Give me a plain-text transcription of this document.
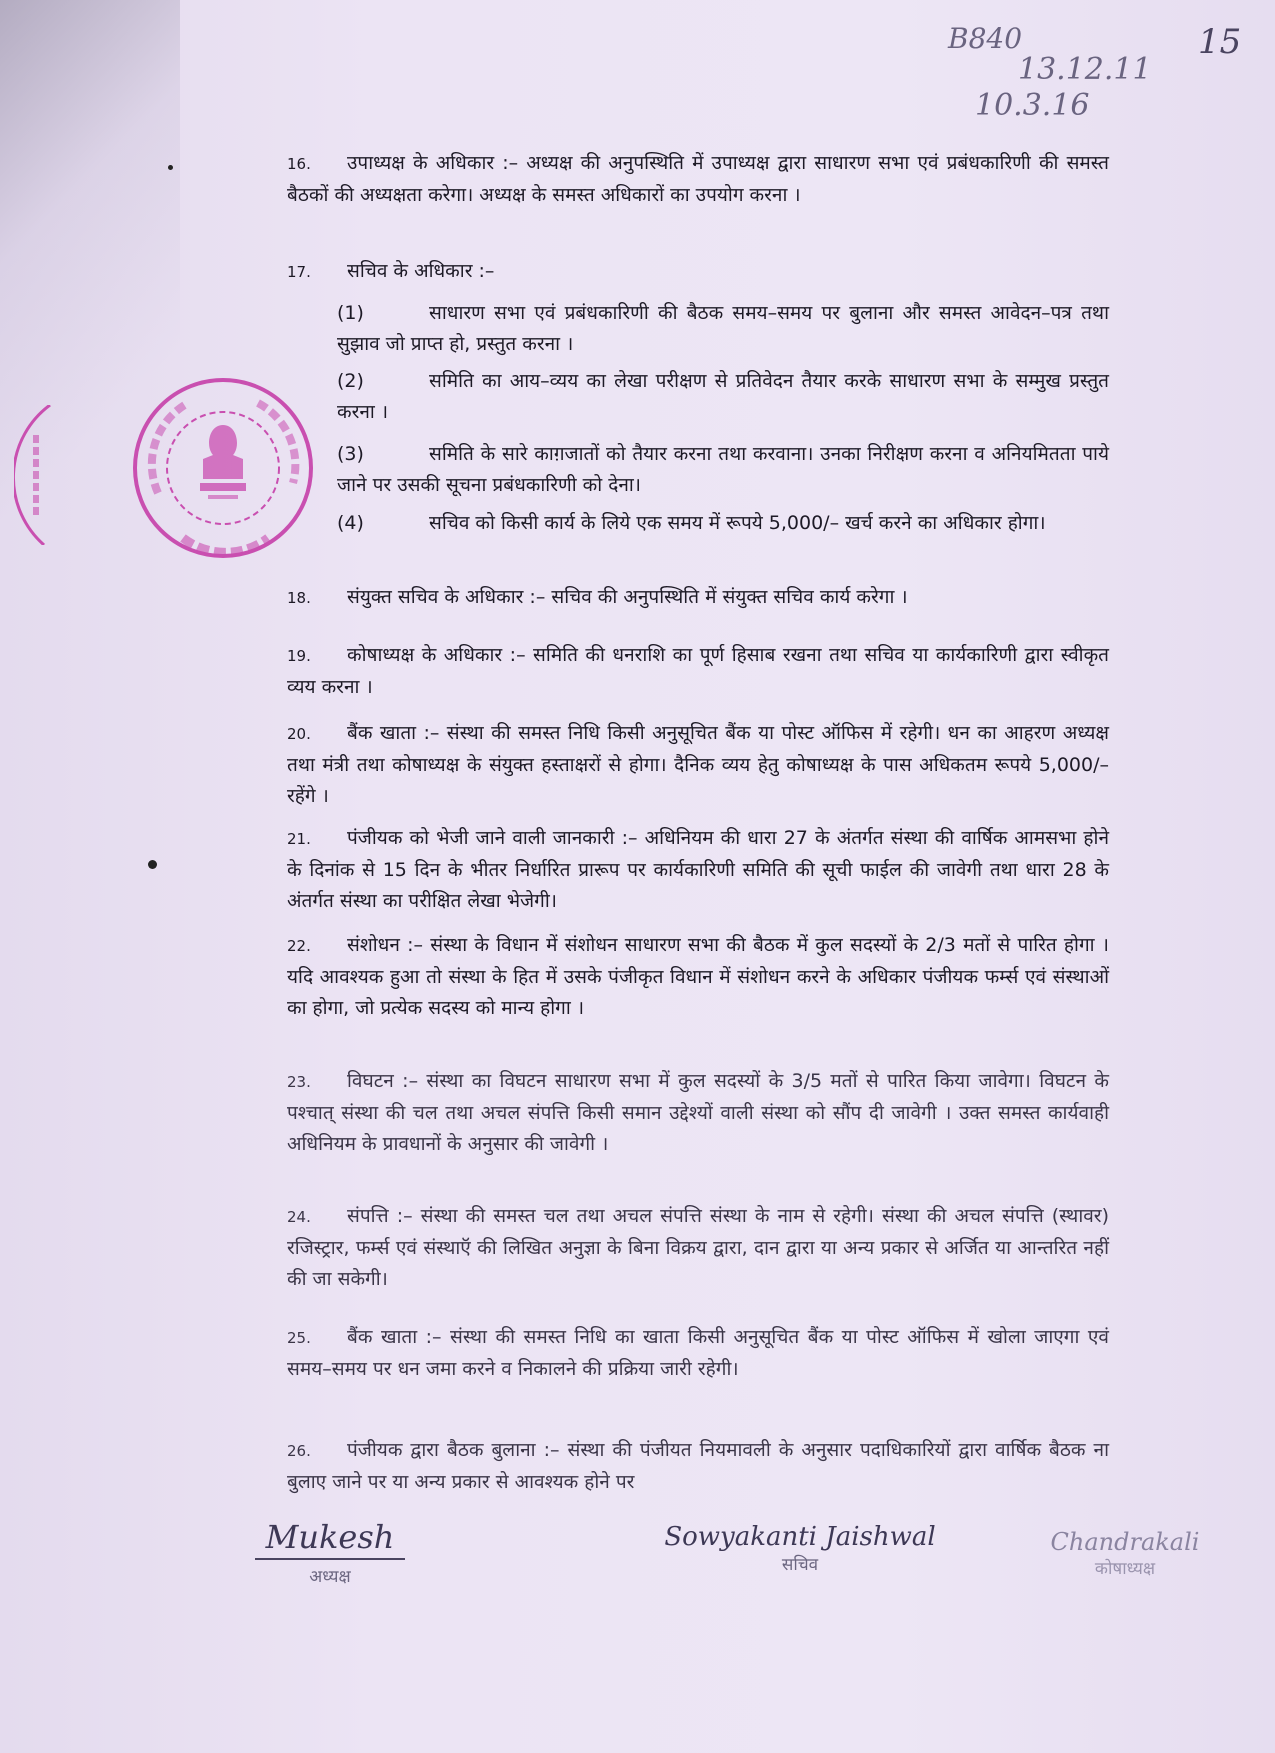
15
B840
13.12.11
10.3.16

16. उपाध्यक्ष के अधिकार :– अध्यक्ष की अनुपस्थिति में उपाध्यक्ष द्वारा साधारण सभा एवं प्रबंधकारिणी की समस्त बैठकों की अध्यक्षता करेगा। अध्यक्ष के समस्त अधिकारों का उपयोग करना ।

17. सचिव के अधिकार :–

(1)	साधारण सभा एवं प्रबंधकारिणी की बैठक समय–समय पर बुलाना और समस्त आवेदन–पत्र तथा सुझाव जो प्राप्त हो, प्रस्तुत करना ।

(2)	समिति का आय–व्यय का लेखा परीक्षण से प्रतिवेदन तैयार करके साधारण सभा के सम्मुख प्रस्तुत करना ।

(3)	समिति के सारे काग़जातों को तैयार करना तथा करवाना। उनका निरीक्षण करना व अनियमितता पाये जाने पर उसकी सूचना प्रबंधकारिणी को देना।

(4)	सचिव को किसी कार्य के लिये एक समय में रूपये 5,000/– खर्च करने का अधिकार होगा।

18. संयुक्त सचिव के अधिकार :– सचिव की अनुपस्थिति में संयुक्त सचिव कार्य करेगा ।

19. कोषाध्यक्ष के अधिकार :– समिति की धनराशि का पूर्ण हिसाब रखना तथा सचिव या कार्यकारिणी द्वारा स्वीकृत व्यय करना ।

20. बैंक खाता :– संस्था की समस्त निधि किसी अनुसूचित बैंक या पोस्ट ऑफिस में रहेगी। धन का आहरण अध्यक्ष तथा मंत्री तथा कोषाध्यक्ष के संयुक्त हस्ताक्षरों से होगा। दैनिक व्यय हेतु कोषाध्यक्ष के पास अधिकतम रूपये 5,000/– रहेंगे ।

21. पंजीयक को भेजी जाने वाली जानकारी :– अधिनियम की धारा 27 के अंतर्गत संस्था की वार्षिक आमसभा होने के दिनांक से 15 दिन के भीतर निर्धारित प्रारूप पर कार्यकारिणी समिति की सूची फाईल की जावेगी तथा धारा 28 के अंतर्गत संस्था का परीक्षित लेखा भेजेगी।

22. संशोधन :– संस्था के विधान में संशोधन साधारण सभा की बैठक में कुल सदस्यों के 2/3 मतों से पारित होगा । यदि आवश्यक हुआ तो संस्था के हित में उसके पंजीकृत विधान में संशोधन करने के अधिकार पंजीयक फर्म्स एवं संस्थाओं का होगा, जो प्रत्येक सदस्य को मान्य होगा ।

23. विघटन :– संस्था का विघटन साधारण सभा में कुल सदस्यों के 3/5 मतों से पारित किया जावेगा। विघटन के पश्चात् संस्था की चल तथा अचल संपत्ति किसी समान उद्देश्यों वाली संस्था को सौंप दी जावेगी । उक्त समस्त कार्यवाही अधिनियम के प्रावधानों के अनुसार की जावेगी ।

24. संपत्ति :– संस्था की समस्त चल तथा अचल संपत्ति संस्था के नाम से रहेगी। संस्था की अचल संपत्ति (स्थावर) रजिस्ट्रार, फर्म्स एवं संस्थाऍ की लिखित अनुज्ञा के बिना विक्रय द्वारा, दान द्वारा या अन्य प्रकार से अर्जित या आन्तरित नहीं की जा सकेगी।

25. बैंक खाता :– संस्था की समस्त निधि का खाता किसी अनुसूचित बैंक या पोस्ट ऑफिस में खोला जाएगा एवं समय–समय पर धन जमा करने व निकालने की प्रक्रिया जारी रहेगी।

26. पंजीयक द्वारा बैठक बुलाना :– संस्था की पंजीयत नियमावली के अनुसार पदाधिकारियों द्वारा वार्षिक बैठक ना बुलाए जाने पर या अन्य प्रकार से आवश्यक होने पर

Mukesh
अध्यक्ष
Sowyakanti Jaishwal
सचिव
Chandrakali
कोषाध्यक्ष
